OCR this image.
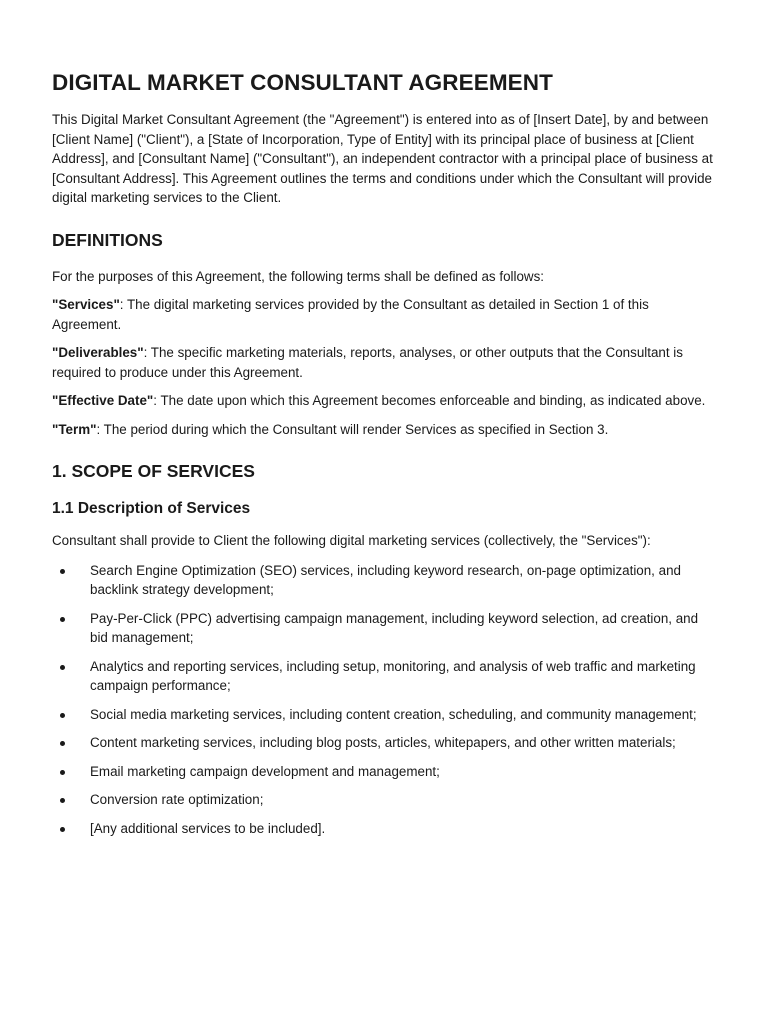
DIGITAL MARKET CONSULTANT AGREEMENT

This Digital Market Consultant Agreement (the "Agreement") is entered into as of [Insert Date], by and between [Client Name] ("Client"), a [State of Incorporation, Type of Entity] with its principal place of business at [Client Address], and [Consultant Name] ("Consultant"), an independent contractor with a principal place of business at [Consultant Address]. This Agreement outlines the terms and conditions under which the Consultant will provide digital marketing services to the Client.

DEFINITIONS

For the purposes of this Agreement, the following terms shall be defined as follows:

"Services": The digital marketing services provided by the Consultant as detailed in Section 1 of this Agreement.

"Deliverables": The specific marketing materials, reports, analyses, or other outputs that the Consultant is required to produce under this Agreement.

"Effective Date": The date upon which this Agreement becomes enforceable and binding, as indicated above.

"Term": The period during which the Consultant will render Services as specified in Section 3.

1. SCOPE OF SERVICES
1.1 Description of Services

Consultant shall provide to Client the following digital marketing services (collectively, the "Services"):

Search Engine Optimization (SEO) services, including keyword research, on-page optimization, and backlink strategy development;
Pay-Per-Click (PPC) advertising campaign management, including keyword selection, ad creation, and bid management;
Analytics and reporting services, including setup, monitoring, and analysis of web traffic and marketing campaign performance;
Social media marketing services, including content creation, scheduling, and community management;
Content marketing services, including blog posts, articles, whitepapers, and other written materials;
Email marketing campaign development and management;
Conversion rate optimization;
[Any additional services to be included].
